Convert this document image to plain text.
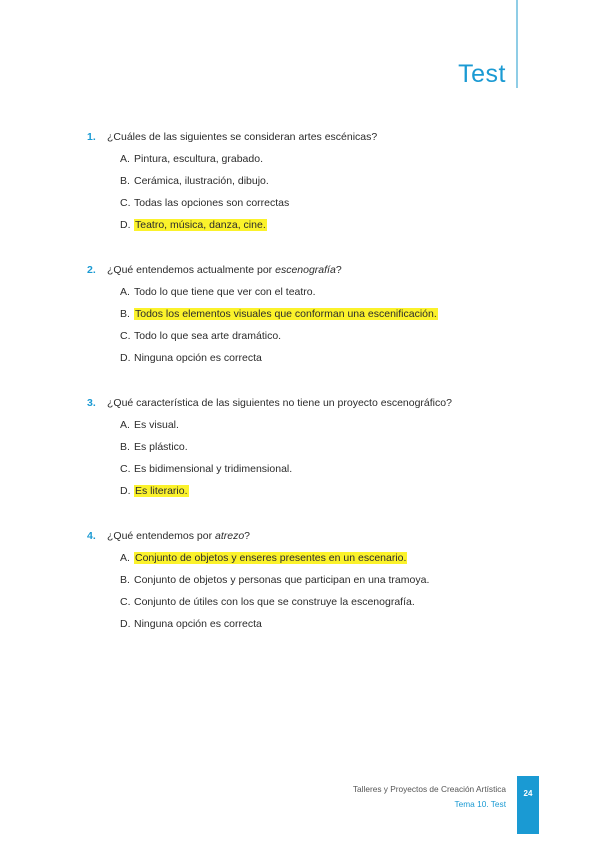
Test
1. ¿Cuáles de las siguientes se consideran artes escénicas?
A. Pintura, escultura, grabado.
B. Cerámica, ilustración, dibujo.
C. Todas las opciones son correctas
D. Teatro, música, danza, cine.
2. ¿Qué entendemos actualmente por escenografía?
A. Todo lo que tiene que ver con el teatro.
B. Todos los elementos visuales que conforman una escenificación.
C. Todo lo que sea arte dramático.
D. Ninguna opción es correcta
3. ¿Qué característica de las siguientes no tiene un proyecto escenográfico?
A. Es visual.
B. Es plástico.
C. Es bidimensional y tridimensional.
D. Es literario.
4. ¿Qué entendemos por atrezo?
A. Conjunto de objetos y enseres presentes en un escenario.
B. Conjunto de objetos y personas que participan en una tramoya.
C. Conjunto de útiles con los que se construye la escenografía.
D. Ninguna opción es correcta
Talleres y Proyectos de Creación Artística
Tema 10. Test
24
